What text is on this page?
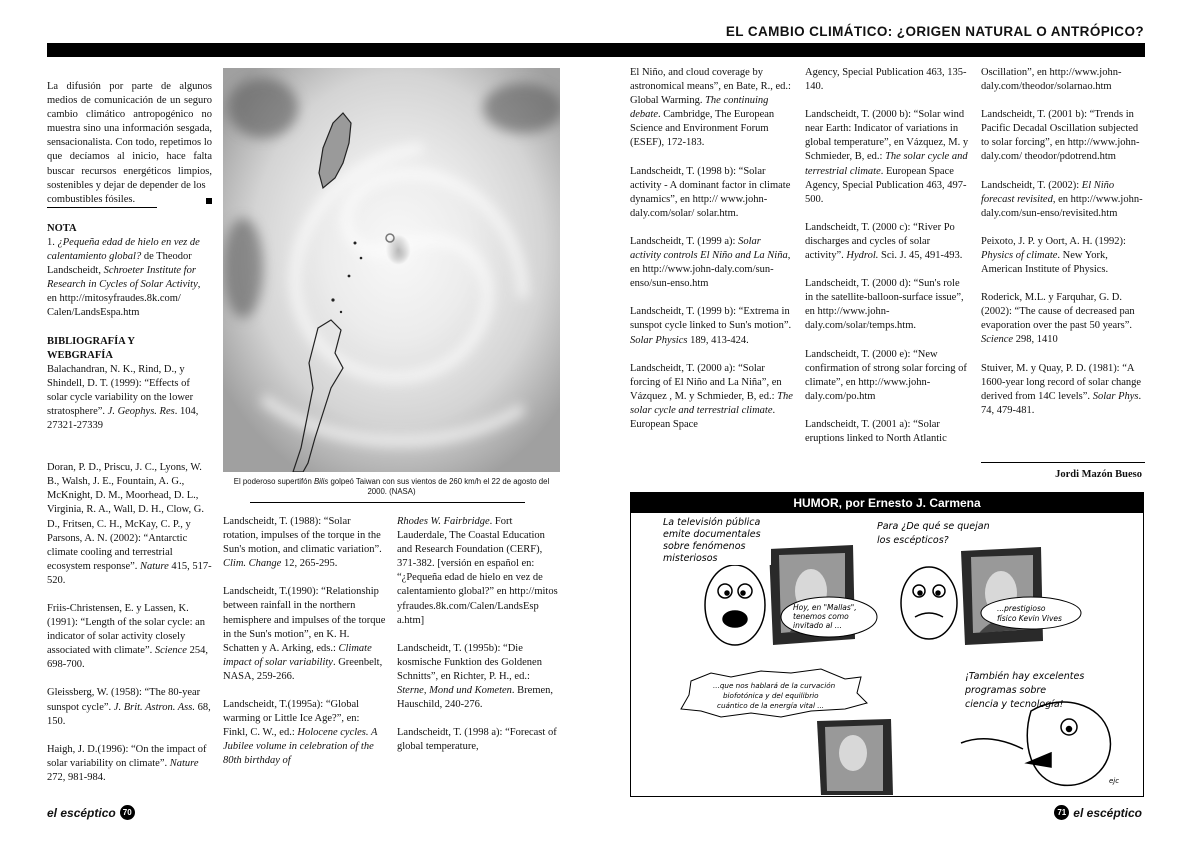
EL CAMBIO CLIMÁTICO: ¿ORIGEN NATURAL O ANTRÓPICO?

La difusión por parte de algunos medios de comunicación de un seguro cambio climático antropogénico no muestra sino una información sesgada, sensacionalista. Con todo, repetimos lo que decíamos al inicio, hace falta buscar recursos energéticos limpios, sostenibles y dejar de depender de los

combustibles fósiles.
NOTA

1. ¿Pequeña edad de hielo en vez de calentamiento global? de Theodor Landscheidt, Schroeter Institute for Research in Cycles of Solar Activity, en http://mitosyfraudes.8k.com/ Calen/LandsEspa.htm

BIBLIOGRAFÍA Y
WEBGRAFÍA

Balachandran, N. K., Rind, D., y Shindell, D. T. (1999): “Effects of solar cycle variability on the lower stratosphere”. J. Geophys. Res. 104, 27321-27339

Doran, P. D., Priscu, J. C., Lyons, W. B., Walsh, J. E., Fountain, A. G., McKnight, D. M., Moorhead, D. L., Virginia, R. A., Wall, D. H., Clow, G. D., Fritsen, C. H., McKay, C. P., y Parsons, A. N. (2002): “Antarctic climate cooling and terrestrial ecosystem response”. Nature 415, 517-520.

Friis-Christensen, E. y Lassen, K. (1991): “Length of the solar cycle: an indicator of solar activity closely associated with climate”. Science 254, 698-700.

Gleissberg, W. (1958): “The 80-year sunspot cycle”. J. Brit. Astron. Ass. 68, 150.

Haigh, J. D.(1996): “On the impact of solar variability on climate”. Nature 272, 981-984.

El poderoso supertifón Bilis golpeó Taiwan con sus vientos de 260 km/h el 22 de agosto del 2000. (NASA)

Landscheidt, T. (1988): “Solar rotation, impulses of the torque in the Sun's motion, and climatic variation”. Clim. Change 12, 265-295.

Landscheidt, T.(1990): “Relationship between rainfall in the northern hemisphere and impulses of the torque in the Sun's motion”, en K. H. Schatten y A. Arking, eds.: Climate impact of solar variability. Greenbelt, NASA, 259-266.

Landscheidt, T.(1995a): “Global warming or Little Ice Age?”, en: Finkl, C. W., ed.: Holocene cycles. A Jubilee volume in celebration of the 80th birthday of

Rhodes W. Fairbridge. Fort Lauderdale, The Coastal Education and Research Foundation (CERF), 371-382. [versión en español en: “¿Pequeña edad de hielo en vez de calentamiento global?” en http://mitos yfraudes.8k.com/Calen/LandsEsp a.htm]

Landscheidt, T. (1995b): “Die kosmische Funktion des Goldenen Schnitts”, en Richter, P. H., ed.: Sterne, Mond und Kometen. Bremen, Hauschild, 240-276.

Landscheidt, T. (1998 a): “Forecast of global temperature,

El Niño, and cloud coverage by astronomical means”, en Bate, R., ed.: Global Warming. The continuing debate. Cambridge, The European Science and Environment Forum (ESEF), 172-183.

Landscheidt, T. (1998 b): “Solar activity - A dominant factor in climate dynamics”, en http:// www.john-daly.com/solar/ solar.htm.

Landscheidt, T. (1999 a): Solar activity controls El Niño and La Niña, en http://www.john-daly.com/sun-enso/sun-enso.htm

Landscheidt, T. (1999 b): “Extrema in sunspot cycle linked to Sun's motion”. Solar Physics 189, 413-424.

Landscheidt, T. (2000 a): “Solar forcing of El Niño and La Niña”, en Vázquez , M. y Schmieder, B, ed.: The solar cycle and terrestrial climate. European Space

Agency, Special Publication 463, 135-140.

Landscheidt, T. (2000 b): “Solar wind near Earth: Indicator of variations in global temperature”, en Vázquez, M. y Schmieder, B, ed.: The solar cycle and terrestrial climate. European Space Agency, Special Publication 463, 497-500.

Landscheidt, T. (2000 c): “River Po discharges and cycles of solar activity”. Hydrol. Sci. J. 45, 491-493.

Landscheidt, T. (2000 d): “Sun's role in the satellite-balloon-surface issue”, en http://www.john-daly.com/solar/temps.htm.

Landscheidt, T. (2000 e): “New confirmation of strong solar forcing of climate”, en http://www.john-daly.com/po.htm

Landscheidt, T. (2001 a): “Solar eruptions linked to North Atlantic

Oscillation”, en http://www.john-daly.com/theodor/solarnao.htm

Landscheidt, T. (2001 b): “Trends in Pacific Decadal Oscillation subjected to solar forcing”, en http://www.john-daly.com/ theodor/pdotrend.htm

Landscheidt, T. (2002): El Niño forecast revisited, en http://www.john-daly.com/sun-enso/revisited.htm

Peixoto, J. P. y Oort, A. H. (1992): Physics of climate. New York, American Institute of Physics.

Roderick, M.L. y Farquhar, G. D. (2002): “The cause of decreased pan evaporation over the past 50 years”. Science 298, 1410

Stuiver, M. y Quay, P. D. (1981): “A 1600-year long record of solar change derived from 14C levels”. Solar Phys. 74, 479-481.

Jordi Mazón Bueso
HUMOR, por Ernesto J. Carmena
La televisión pública
emite documentales
sobre fenómenos
misteriosos
Para ¿De qué se quejan
los escépticos?
Hoy, en "Mallas",
tenemos como
invitado al ...
...prestigioso
físico Kevin Vives
...que nos hablará de la curvación
biofotónica y del equilibrio
cuántico de la energía vital ...
¡También hay excelentes
programas sobre
ciencia y tecnología!
ejc
el escéptico 70	71 el escéptico
